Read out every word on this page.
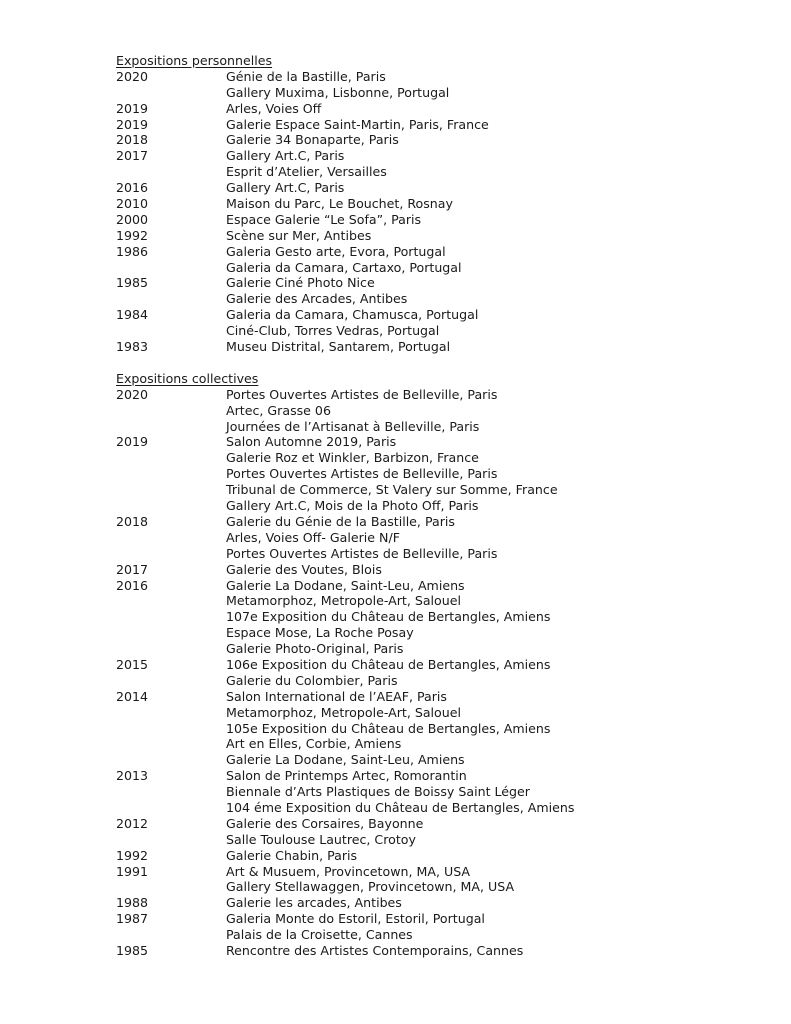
Expositions personnelles
2020	Génie de la Bastille, Paris
Gallery Muxima, Lisbonne, Portugal
2019	Arles, Voies Off
2019	Galerie Espace Saint-Martin, Paris, France
2018	Galerie 34 Bonaparte, Paris
2017	Gallery Art.C, Paris
Esprit d’Atelier, Versailles
2016	Gallery Art.C, Paris
2010	Maison du Parc, Le Bouchet, Rosnay
2000	Espace Galerie “Le Sofa”, Paris
1992	Scène sur Mer, Antibes
1986	Galeria Gesto arte, Evora, Portugal
Galeria da Camara, Cartaxo, Portugal
1985	Galerie Ciné Photo Nice
Galerie des Arcades, Antibes
1984	Galeria da Camara, Chamusca, Portugal
Ciné-Club, Torres Vedras, Portugal
1983	Museu Distrital, Santarem, Portugal
Expositions collectives
2020	Portes Ouvertes Artistes de Belleville, Paris
Artec, Grasse 06
Journées de l’Artisanat à Belleville, Paris
2019	Salon Automne 2019, Paris
Galerie Roz et Winkler, Barbizon, France
Portes Ouvertes Artistes de Belleville, Paris
Tribunal de Commerce, St Valery sur Somme, France
Gallery Art.C, Mois de la Photo Off, Paris
2018	Galerie du Génie de la Bastille, Paris
Arles, Voies Off- Galerie N/F
Portes Ouvertes Artistes de Belleville, Paris
2017	Galerie des Voutes, Blois
2016	Galerie La Dodane, Saint-Leu, Amiens
Metamorphoz, Metropole-Art, Salouel
107e Exposition du Château de Bertangles, Amiens
Espace Mose, La Roche Posay
Galerie Photo-Original, Paris
2015	106e Exposition du Château de Bertangles, Amiens
Galerie du Colombier, Paris
2014	Salon International de l’AEAF, Paris
Metamorphoz, Metropole-Art, Salouel
105e Exposition du Château de Bertangles, Amiens
Art en Elles, Corbie, Amiens
Galerie La Dodane, Saint-Leu, Amiens
2013	Salon de Printemps Artec, Romorantin
Biennale d’Arts Plastiques de Boissy Saint Léger
104 éme Exposition du Château de Bertangles, Amiens
2012	Galerie des Corsaires, Bayonne
Salle Toulouse Lautrec, Crotoy
1992	Galerie Chabin, Paris
1991	Art & Musuem, Provincetown, MA, USA
Gallery Stellawaggen, Provincetown, MA, USA
1988	Galerie les arcades, Antibes
1987	Galeria Monte do Estoril, Estoril, Portugal
Palais de la Croisette, Cannes
1985	Rencontre des Artistes Contemporains, Cannes
